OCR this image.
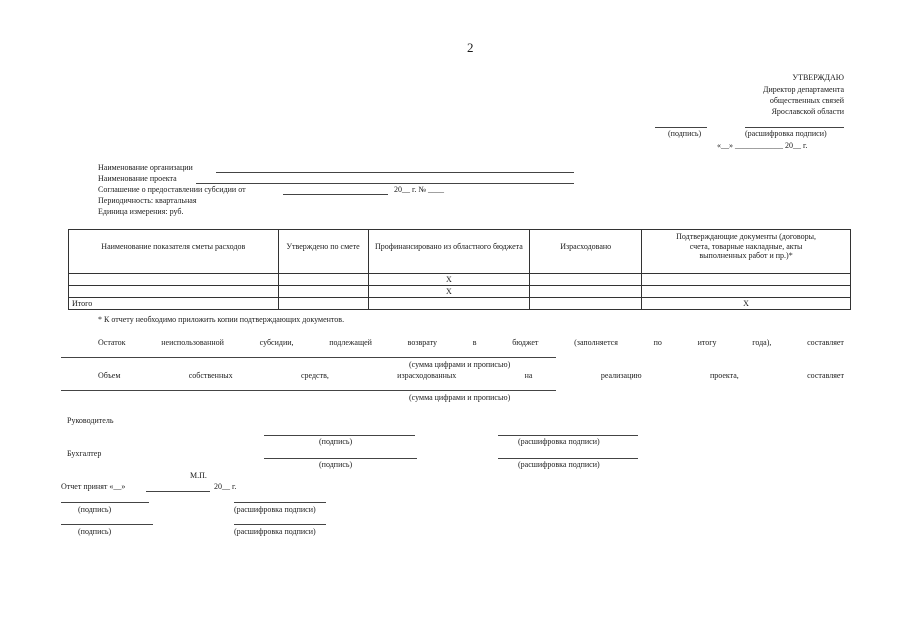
2
УТВЕРЖДАЮ
Директор департамента
общественных связей
Ярославской области
(подпись)	(расшифровка подписи)
«__» ____________ 20__ г.
Наименование организации
Наименование проекта
Соглашение о предоставлении субсидии от	20__ г. № ____
Периодичность: квартальная
Единица измерения: руб.
Наименование показателя сметы расходов	Утверждено по смете	Профинансировано из областного бюджета	Израсходовано	Подтверждающие документы (договоры, счета, товарные накладные, акты выполненных работ и пр.)*

		X		
		X		
Итого				X
* К отчету необходимо приложить копии подтверждающих документов.
Остаток	неиспользованной	субсидии,	подлежащей	возврату	в	бюджет	(заполняется	по	итогу	года),	составляет
(сумма цифрами и прописью)
Объем	собственных	средств,	израсходованных	на	реализацию	проекта,	составляет
(сумма цифрами и прописью)
Руководитель
(подпись)	(расшифровка подписи)
Бухгалтер
(подпись)	(расшифровка подписи)
М.П.
Отчет принят «__»	20__ г.
(подпись)	(расшифровка подписи)
(подпись)	(расшифровка подписи)
